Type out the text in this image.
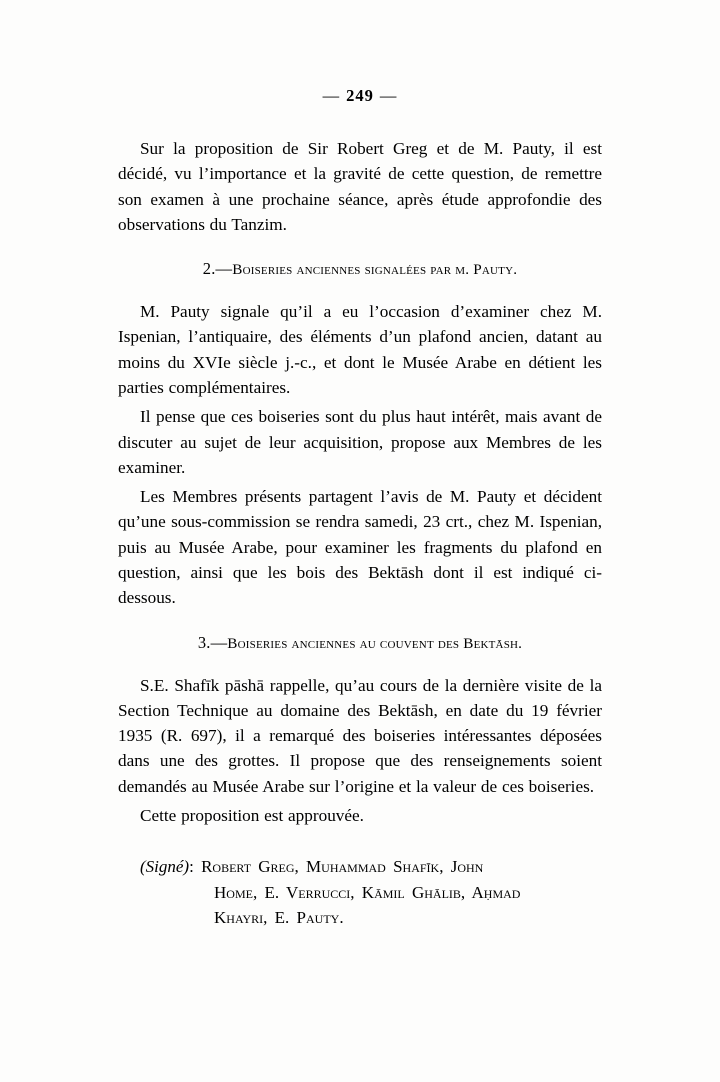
— 249 —

Sur la proposition de Sir Robert Greg et de M. Pauty, il est décidé, vu l’importance et la gravité de cette question, de remettre son examen à une prochaine séance, après étude approfondie des observations du Tanzim.

2.—Boiseries anciennes signalées par m. Pauty.

M. Pauty signale qu’il a eu l’occasion d’examiner chez M. Ispenian, l’antiquaire, des éléments d’un plafond ancien, datant au moins du XVIe siècle j.-c., et dont le Musée Arabe en détient les parties complémentaires.

Il pense que ces boiseries sont du plus haut intérêt, mais avant de discuter au sujet de leur acquisition, propose aux Membres de les examiner.

Les Membres présents partagent l’avis de M. Pauty et décident qu’une sous-commission se rendra samedi, 23 crt., chez M. Ispenian, puis au Musée Arabe, pour examiner les fragments du plafond en question, ainsi que les bois des Bektāsh dont il est indiqué ci-dessous.

3.—Boiseries anciennes au couvent des Bektāsh.

S.E. Shafīk pāshā rappelle, qu’au cours de la dernière visite de la Section Technique au domaine des Bektāsh, en date du 19 février 1935 (R. 697), il a remarqué des boiseries intéressantes déposées dans une des grottes. Il propose que des renseignements soient demandés au Musée Arabe sur l’origine et la valeur de ces boiseries.

Cette proposition est approuvée.

(Signé): Robert Greg, Muhammad Shafīk, John
Home, E. Verrucci, Kāmil Ghālib, Aḥmad
Khayri, E. Pauty.
